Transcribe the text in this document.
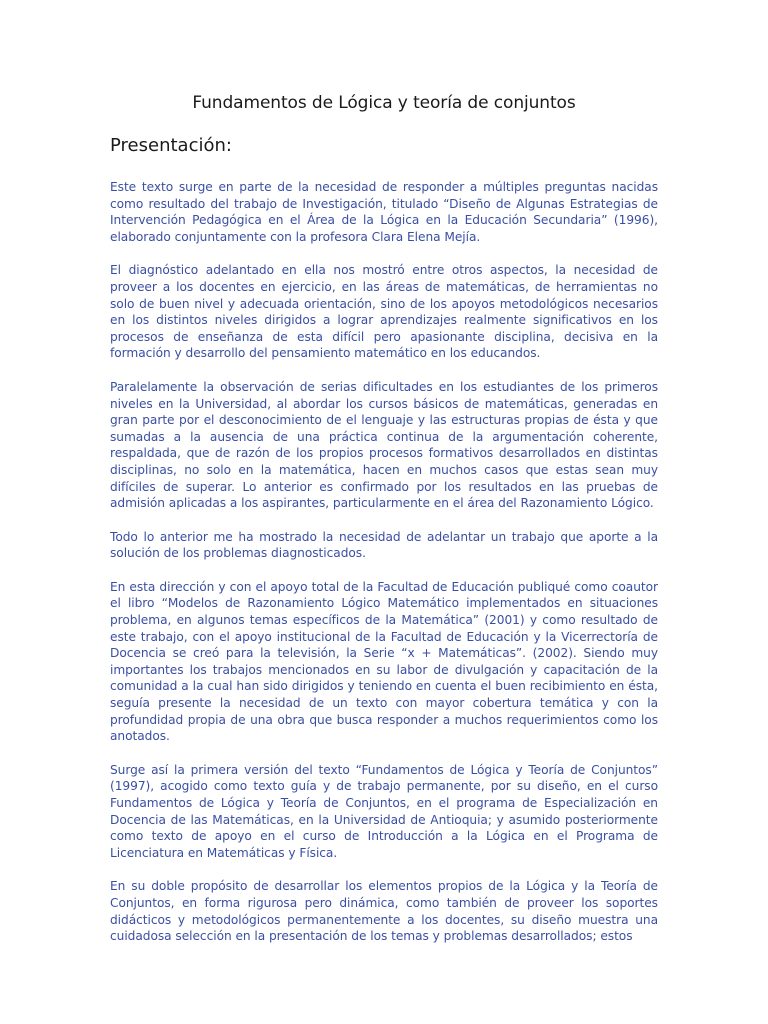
Fundamentos de Lógica y teoría de conjuntos
Presentación:

Este texto surge en parte de la necesidad de responder a múltiples preguntas nacidas como resultado del trabajo de Investigación, titulado “Diseño de Algunas Estrategias de Intervención Pedagógica en el Área de la Lógica en la Educación Secundaria” (1996), elaborado conjuntamente con la profesora Clara Elena Mejía.

El diagnóstico adelantado en ella nos mostró entre otros aspectos, la necesidad de proveer a los docentes en ejercicio, en las áreas de matemáticas, de herramientas no solo de buen nivel y adecuada orientación, sino de los apoyos metodológicos necesarios en los distintos niveles dirigidos a lograr aprendizajes realmente significativos en los procesos de enseñanza de esta difícil pero apasionante disciplina, decisiva en la formación y desarrollo del pensamiento matemático en los educandos.

Paralelamente la observación de serias dificultades en los estudiantes de los primeros niveles en la Universidad, al abordar los cursos básicos de matemáticas, generadas en gran parte por el desconocimiento de el lenguaje y las estructuras propias de ésta y que sumadas a la ausencia de una práctica continua de la argumentación coherente, respaldada, que de razón de los propios procesos formativos desarrollados en distintas disciplinas, no solo en la matemática, hacen en muchos casos que estas sean muy difíciles de superar. Lo anterior es confirmado por los resultados en las pruebas de admisión aplicadas a los aspirantes, particularmente en el área del Razonamiento Lógico.

Todo lo anterior me ha mostrado la necesidad de adelantar un trabajo que aporte a la solución de los problemas diagnosticados.

En esta dirección y con el apoyo total de la Facultad de Educación publiqué como coautor el libro “Modelos de Razonamiento Lógico Matemático implementados en situaciones problema, en algunos temas específicos de la Matemática” (2001) y como resultado de este trabajo, con el apoyo institucional de la Facultad de Educación y la Vicerrectoría de Docencia se creó para la televisión, la Serie “x + Matemáticas”. (2002). Siendo muy importantes los trabajos mencionados en su labor de divulgación y capacitación de la comunidad a la cual han sido dirigidos y teniendo en cuenta el buen recibimiento en ésta, seguía presente la necesidad de un texto con mayor cobertura temática y con la profundidad propia de una obra que busca responder a muchos requerimientos como los anotados.

Surge así la primera versión del texto “Fundamentos de Lógica y Teoría de Conjuntos” (1997), acogido como texto guía y de trabajo permanente, por su diseño, en el curso Fundamentos de Lógica y Teoría de Conjuntos, en el programa de Especialización en Docencia de las Matemáticas, en la Universidad de Antioquia; y asumido posteriormente como texto de apoyo en el curso de Introducción a la Lógica en el Programa de Licenciatura en Matemáticas y Física.

En su doble propósito de desarrollar los elementos propios de la Lógica y la Teoría de Conjuntos, en forma rigurosa pero dinámica, como también de proveer los soportes didácticos y metodológicos permanentemente a los docentes, su diseño muestra una cuidadosa selección en la presentación de los temas y problemas desarrollados; estos
